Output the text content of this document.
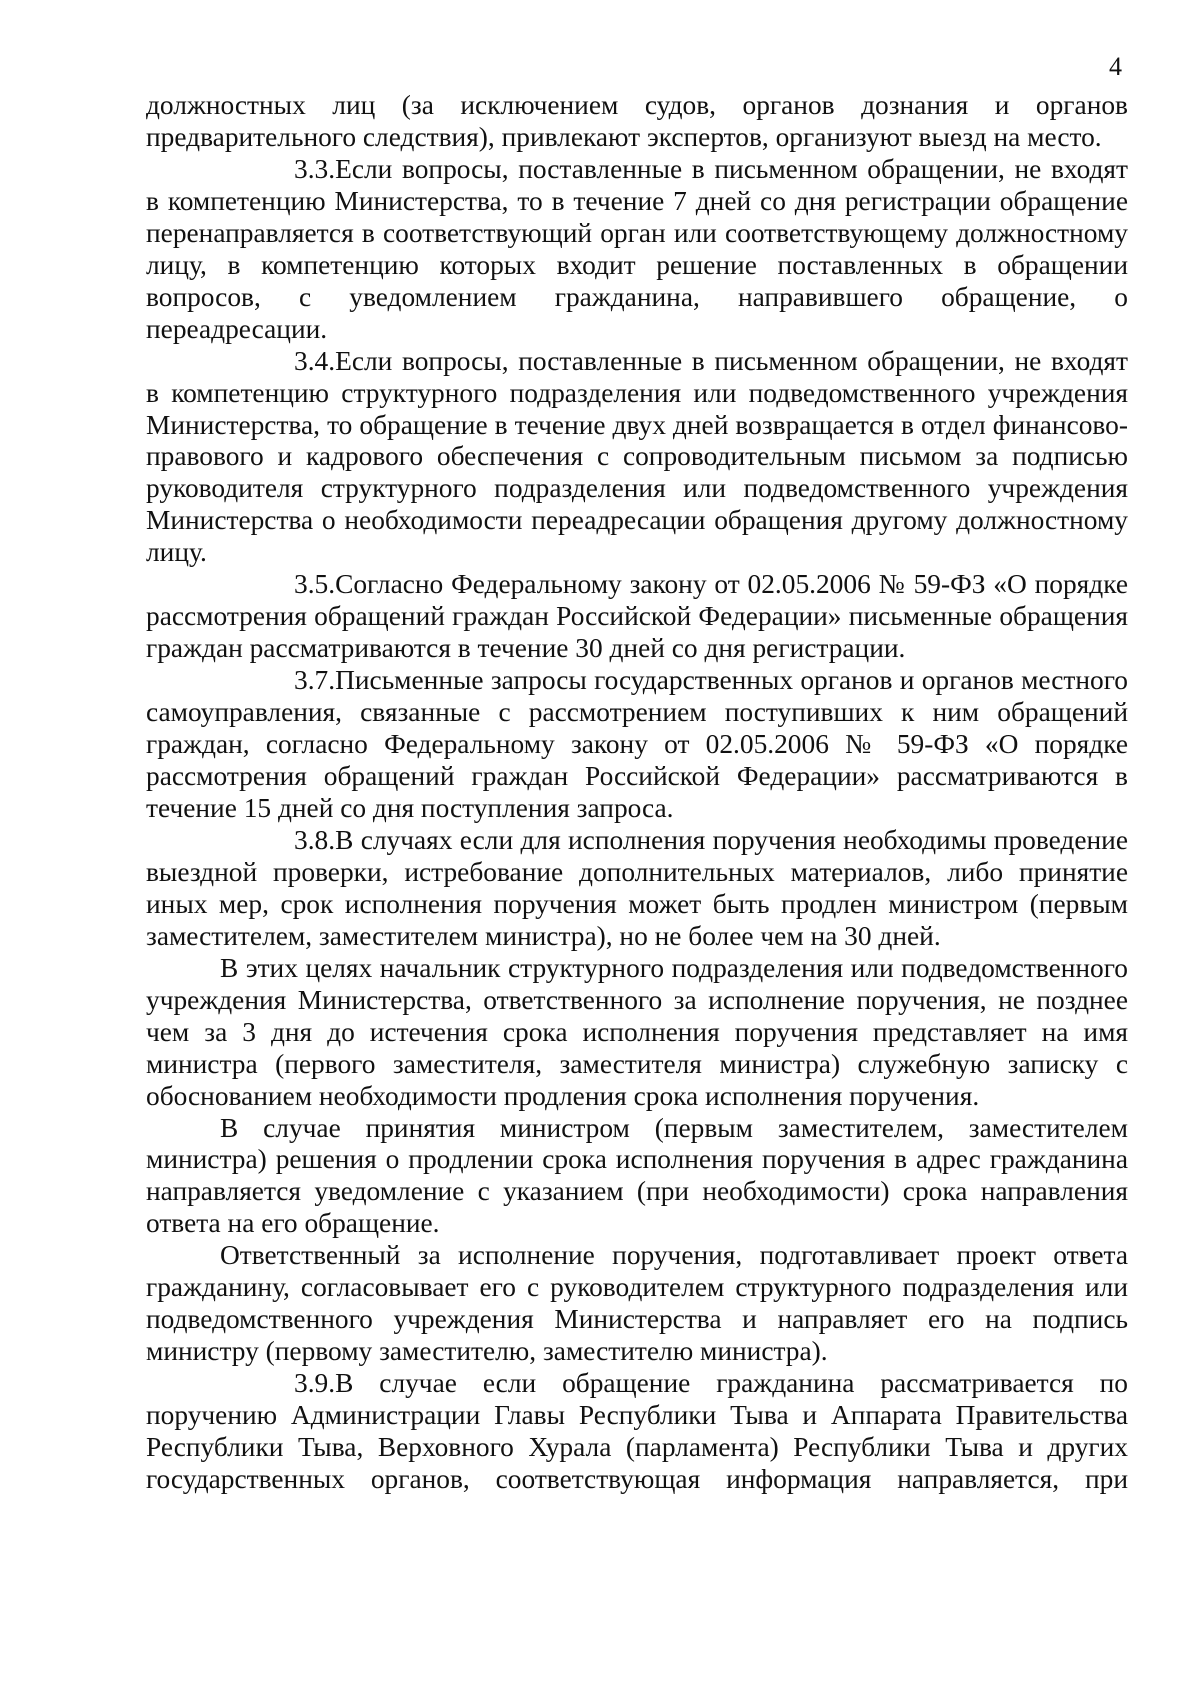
4

должностных лиц (за исключением судов, органов дознания и органов предварительного следствия), привлекают экспертов, организуют выезд на место.

3.3.Если вопросы, поставленные в письменном обращении, не входят в компетенцию Министерства, то в течение 7 дней со дня регистрации обращение перенаправляется в соответствующий орган или соответствующему должностному лицу, в компетенцию которых входит решение поставленных в обращении вопросов, с уведомлением гражданина, направившего обращение, о переадресации.

3.4.Если вопросы, поставленные в письменном обращении, не входят в компетенцию структурного подразделения или подведомственного учреждения Министерства, то обращение в течение двух дней возвращается в отдел финансово-правового и кадрового обеспечения с сопроводительным письмом за подписью руководителя структурного подразделения или подведомственного учреждения Министерства о необходимости переадресации обращения другому должностному лицу.

3.5.Согласно Федеральному закону от 02.05.2006 № 59-ФЗ «О порядке рассмотрения обращений граждан Российской Федерации» письменные обращения граждан рассматриваются в течение 30 дней со дня регистрации.

3.7.Письменные запросы государственных органов и органов местного самоуправления, связанные с рассмотрением поступивших к ним обращений граждан, согласно Федеральному закону от 02.05.2006 № 59-ФЗ «О порядке рассмотрения обращений граждан Российской Федерации» рассматриваются в течение 15 дней со дня поступления запроса.

3.8.В случаях если для исполнения поручения необходимы проведение выездной проверки, истребование дополнительных материалов, либо принятие иных мер, срок исполнения поручения может быть продлен министром (первым заместителем, заместителем министра), но не более чем на 30 дней.

В этих целях начальник структурного подразделения или подведомственного учреждения Министерства, ответственного за исполнение поручения, не позднее чем за 3 дня до истечения срока исполнения поручения представляет на имя министра (первого заместителя, заместителя министра) служебную записку с обоснованием необходимости продления срока исполнения поручения.

В случае принятия министром (первым заместителем, заместителем министра) решения о продлении срока исполнения поручения в адрес гражданина направляется уведомление с указанием (при необходимости) срока направления ответа на его обращение.

Ответственный за исполнение поручения, подготавливает проект ответа гражданину, согласовывает его с руководителем структурного подразделения или подведомственного учреждения Министерства и направляет его на подпись министру (первому заместителю, заместителю министра).

3.9.В случае если обращение гражданина рассматривается по поручению Администрации Главы Республики Тыва и Аппарата Правительства Республики Тыва, Верховного Хурала (парламента) Республики Тыва и других государственных органов, соответствующая информация направляется, при
